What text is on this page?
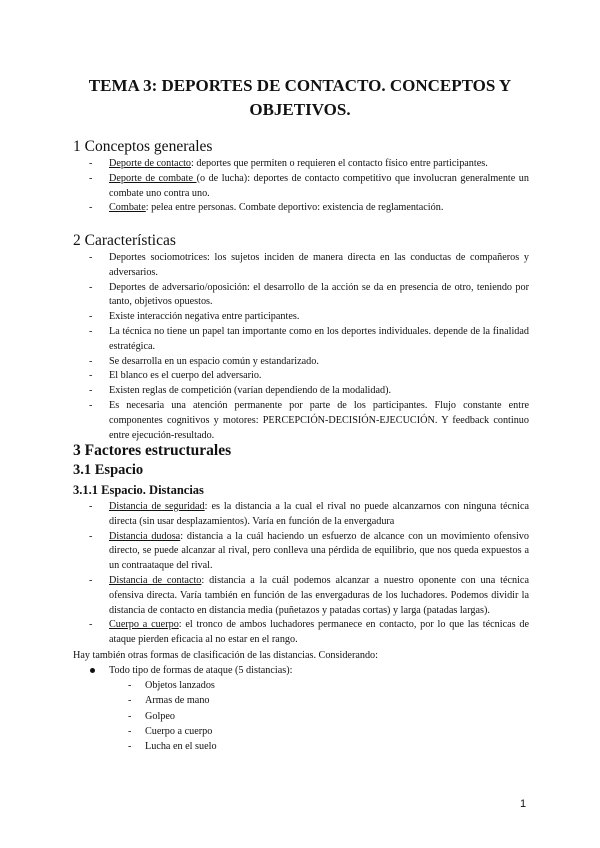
TEMA 3: DEPORTES DE CONTACTO. CONCEPTOS Y OBJETIVOS.
1 Conceptos generales
- Deporte de contacto: deportes que permiten o requieren el contacto físico entre participantes.
- Deporte de combate (o de lucha): deportes de contacto competitivo que involucran generalmente un combate uno contra uno.
- Combate: pelea entre personas. Combate deportivo: existencia de reglamentación.
2 Características
- Deportes sociomotrices: los sujetos inciden de manera directa en las conductas de compañeros y adversarios.
- Deportes de adversario/oposición: el desarrollo de la acción se da en presencia de otro, teniendo por tanto, objetivos opuestos.
- Existe interacción negativa entre participantes.
- La técnica no tiene un papel tan importante como en los deportes individuales. depende de la finalidad estratégica.
- Se desarrolla en un espacio común y estandarizado.
- El blanco es el cuerpo del adversario.
- Existen reglas de competición (varían dependiendo de la modalidad).
- Es necesaria una atención permanente por parte de los participantes. Flujo constante entre componentes cognitivos y motores: PERCEPCIÓN-DECISIÓN-EJECUCIÓN. Y feedback continuo entre ejecución-resultado.
3 Factores estructurales
3.1 Espacio
3.1.1 Espacio. Distancias
- Distancia de seguridad: es la distancia a la cual el rival no puede alcanzarnos con ninguna técnica directa (sin usar desplazamientos). Varía en función de la envergadura
- Distancia dudosa: distancia a la cuál haciendo un esfuerzo de alcance con un movimiento ofensivo directo, se puede alcanzar al rival, pero conlleva una pérdida de equilibrio, que nos queda expuestos a un contraataque del rival.
- Distancia de contacto: distancia a la cuál podemos alcanzar a nuestro oponente con una técnica ofensiva directa. Varía también en función de las envergaduras de los luchadores. Podemos dividir la distancia de contacto en distancia media (puñetazos y patadas cortas) y larga (patadas largas).
- Cuerpo a cuerpo: el tronco de ambos luchadores permanece en contacto, por lo que las técnicas de ataque pierden eficacia al no estar en el rango.

Hay también otras formas de clasificación de las distancias. Considerando:

Todo tipo de formas de ataque (5 distancias):
- Objetos lanzados
- Armas de mano
- Golpeo
- Cuerpo a cuerpo
- Lucha en el suelo
1
